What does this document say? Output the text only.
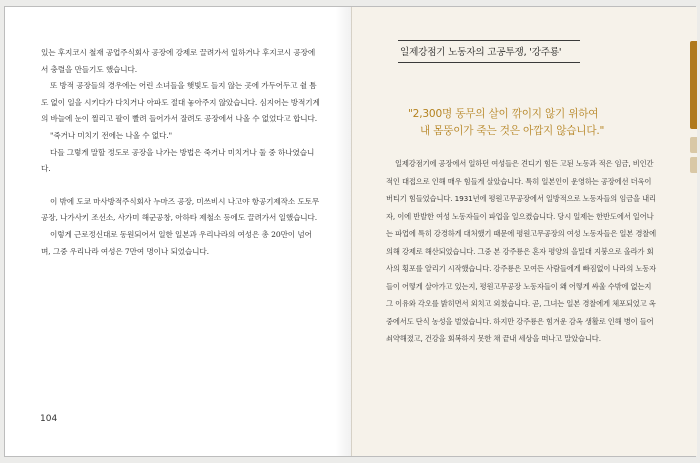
있는 후지코시 철재 공업주식회사 공장에 강제로 끌려가서 일하거나 후지코시 공장에서 충렬을 만들기도 했습니다.

또 방적 공장들의 경우에는 어린 소녀들을 햇빛도 들지 않는 곳에 가두어두고 쉴 틈도 없이 일을 시키다가 다치거나 아파도 절대 놓아주지 않았습니다. 심지어는 방적기계의 바늘에 눈이 찔리고 팔이 빨려 들어가서 잘려도 공장에서 나올 수 없었다고 합니다.

"죽거나 미치기 전에는 나올 수 없다."

다들 그렇게 말할 정도로 공장을 나가는 방법은 죽거나 미치거나 둘 중 하나였습니다.

이 밖에 도쿄 마사방적주식회사 누마즈 공장, 미쓰비시 나고야 항공기제작소 도토무 공장, 나가사키 조선소, 사가미 해군공창, 아하타 제철소 등에도 끌려가서 일했습니다.

이렇게 근로정신대로 동원되어서 일한 일본과 우리나라의 여성은 총 20만이 넘어며, 그중 우리나라 여성은 7만여 명이나 되었습니다.

104
일제강점기 노동자의 고공투쟁, '강주룡'
"2,300명 동무의 살이 깎이지 않기 위하여
내 몸뚱이가 죽는 것은 아깝지 않습니다."

일제강점기에 공장에서 일하던 여성들은 견디기 힘든 고된 노동과 적은 임금, 비인간적인 대접으로 인해 매우 힘들게 살았습니다. 특히 일본인이 운영하는 공장에선 더욱이 버티기 힘들었습니다. 1931년에 평원고무공장에서 일방적으로 노동자들의 임금을 내리자, 이에 반발한 여성 노동자들이 파업을 일으켰습니다. 당시 일제는 한반도에서 일어나는 파업에 특히 강경하게 대처했기 때문에 평원고무공장의 여성 노동자들은 일본 경찰에 의해 강제로 해산되었습니다. 그중 본 강주룡은 혼자 평양의 을밀대 지붕으로 올라가 회사의 횡포를 알리기 시작했습니다. 강주룡은 모여든 사람들에게 빠짐없이 나라의 노동자들이 어떻게 살아가고 있는지, 평원고무공장 노동자들이 왜 어떻게 싸울 수밖에 없는지 그 이유와 각오를 밝히면서 외치고 외쳤습니다. 곧, 그녀는 일본 경찰에게 체포되었고 옥중에서도 단식 농성을 벌였습니다. 하지만 강주룡은 힘겨운 감옥 생활로 인해 병이 들어 쇠약해졌고, 건강을 회복하지 못한 채 끝내 세상을 떠나고 말았습니다.
